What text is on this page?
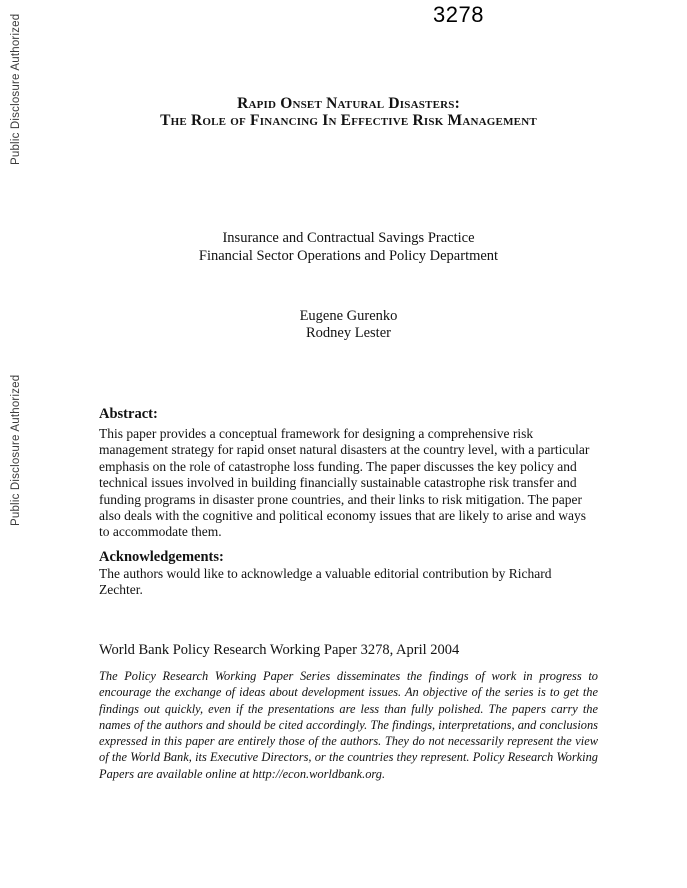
3278
Public Disclosure Authorized
Public Disclosure Authorized
Rapid Onset Natural Disasters:
The Role of Financing In Effective Risk Management
Insurance and Contractual Savings Practice
Financial Sector Operations and Policy Department
Eugene Gurenko
Rodney Lester
Abstract:

This paper provides a conceptual framework for designing a comprehensive risk management strategy for rapid onset natural disasters at the country level, with a particular emphasis on the role of catastrophe loss funding. The paper discusses the key policy and technical issues involved in building financially sustainable catastrophe risk transfer and funding programs in disaster prone countries, and their links to risk mitigation. The paper also deals with the cognitive and political economy issues that are likely to arise and ways to accommodate them.

Acknowledgements:

The authors would like to acknowledge a valuable editorial contribution by Richard Zechter.

World Bank Policy Research Working Paper 3278, April 2004
The Policy Research Working Paper Series disseminates the findings of work in progress to encourage the exchange of ideas about development issues. An objective of the series is to get the findings out quickly, even if the presentations are less than fully polished. The papers carry the names of the authors and should be cited accordingly. The findings, interpretations, and conclusions expressed in this paper are entirely those of the authors. They do not necessarily represent the view of the World Bank, its Executive Directors, or the countries they represent. Policy Research Working Papers are available online at http://econ.worldbank.org.
